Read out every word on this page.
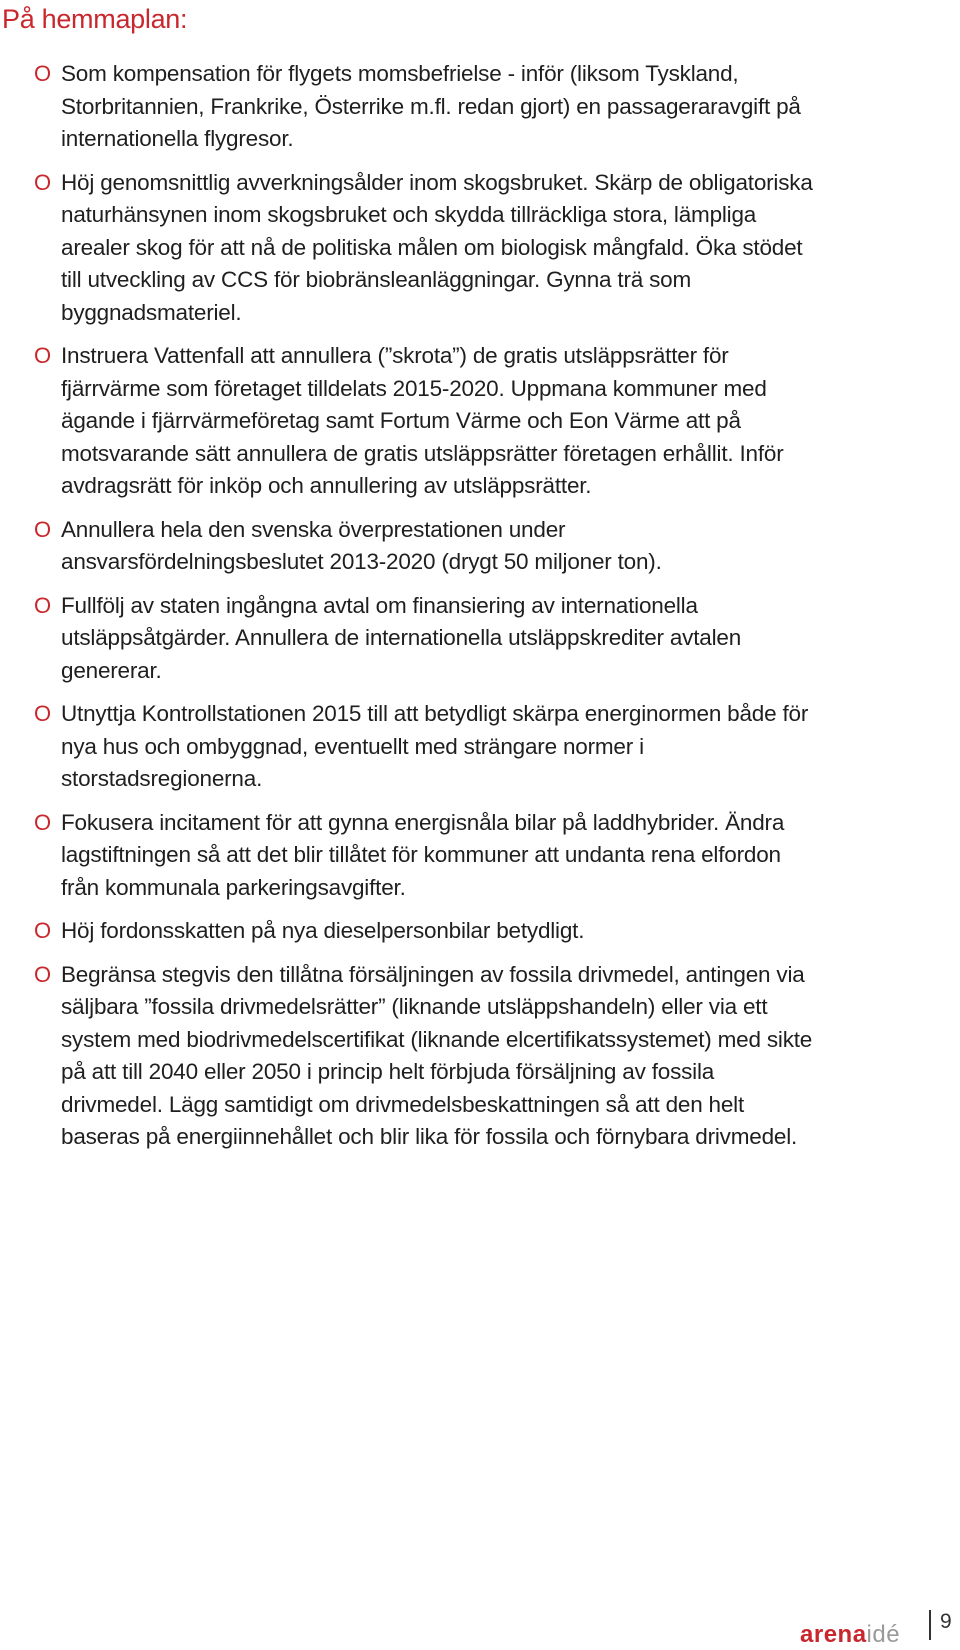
På hemmaplan:
O Som kompensation för flygets momsbefrielse - inför (liksom Tyskland, Storbritannien, Frankrike, Österrike m.fl. redan gjort) en passageraravgift på internationella flygresor.
O Höj genomsnittlig avverkningsålder inom skogsbruket. Skärp de obligatoriska naturhänsynen inom skogsbruket och skydda tillräckliga stora, lämpliga arealer skog för att nå de politiska målen om biologisk mångfald. Öka stödet till utveckling av CCS för biobränsleanläggningar. Gynna trä som byggnadsmateriel.
O Instruera Vattenfall att annullera (”skrota”) de gratis utsläppsrätter för fjärrvärme som företaget tilldelats 2015-2020. Uppmana kommuner med ägande i fjärrvärmeföretag samt Fortum Värme och Eon Värme att på motsvarande sätt annullera de gratis utsläppsrätter företagen erhållit. Inför avdragsrätt för inköp och annullering av utsläppsrätter.
O Annullera hela den svenska överprestationen under ansvarsfördelningsbeslutet 2013-2020 (drygt 50 miljoner ton).
O Fullfölj av staten ingångna avtal om finansiering av internationella utsläppsåtgärder. Annullera de internationella utsläppskrediter avtalen genererar.
O Utnyttja Kontrollstationen 2015 till att betydligt skärpa energinormen både för nya hus och ombyggnad, eventuellt med strängare normer i storstadsregionerna.
O Fokusera incitament för att gynna energisnåla bilar på laddhybrider. Ändra lagstiftningen så att det blir tillåtet för kommuner att undanta rena elfordon från kommunala parkeringsavgifter.
O Höj fordonsskatten på nya dieselpersonbilar betydligt.
O Begränsa stegvis den tillåtna försäljningen av fossila drivmedel, antingen via säljbara ”fossila drivmedelsrätter” (liknande utsläppshandeln) eller via ett system med biodrivmedelscertifikat (liknande elcertifikatssystemet) med sikte på att till 2040 eller 2050 i princip helt förbjuda försäljning av fossila drivmedel. Lägg samtidigt om drivmedelsbeskattningen så att den helt baseras på energiinnehållet och blir lika för fossila och förnybara drivmedel.
arenaidé 9
